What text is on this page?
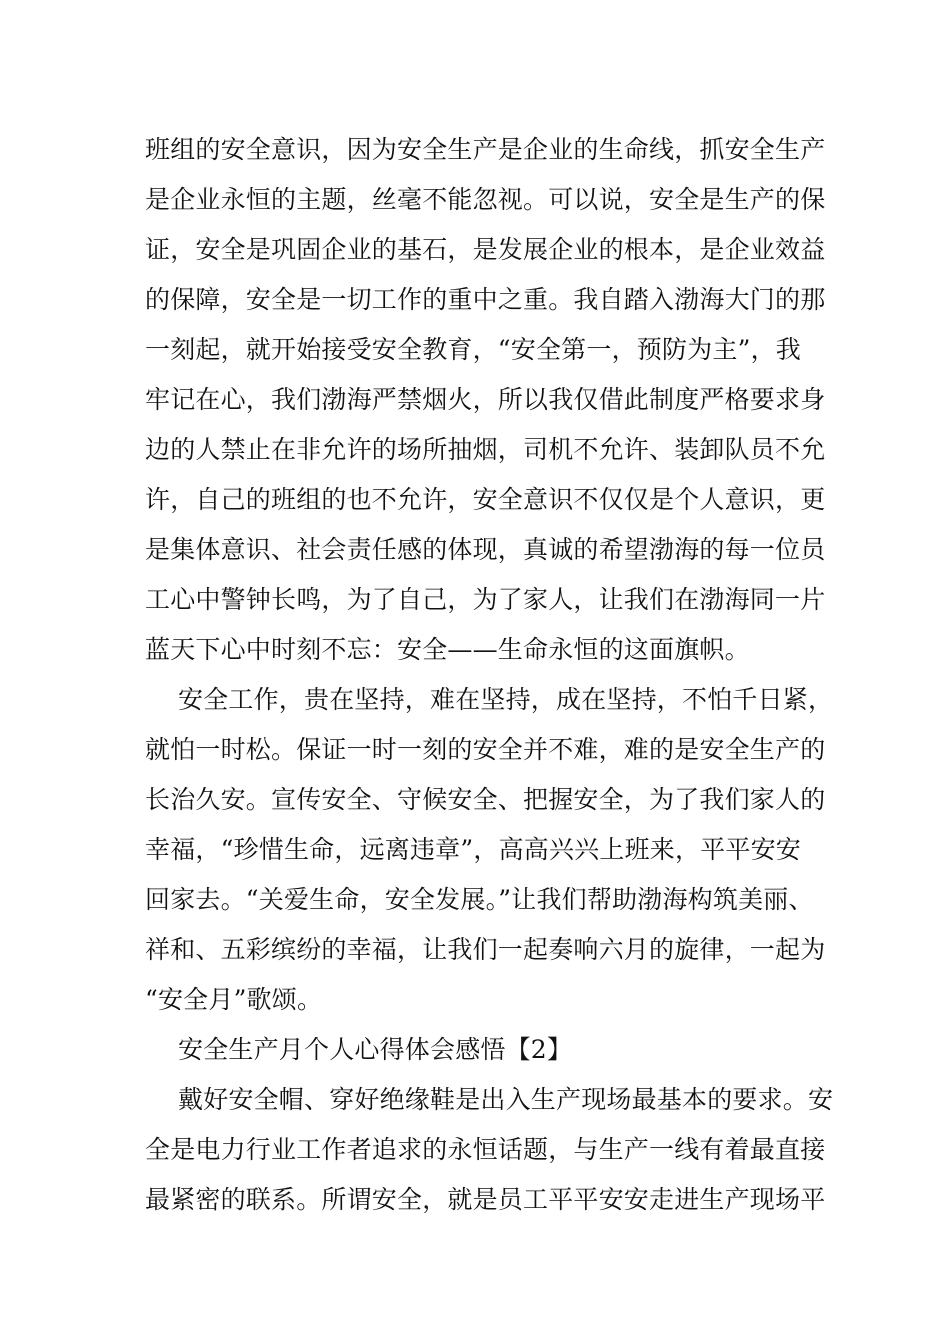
班组的安全意识，因为安全生产是企业的生命线，抓安全生产
是企业永恒的主题，丝毫不能忽视。可以说，安全是生产的保
证，安全是巩固企业的基石，是发展企业的根本，是企业效益
的保障，安全是一切工作的重中之重。我自踏入渤海大门的那
一刻起，就开始接受安全教育，“安全第一，预防为主”，我
牢记在心，我们渤海严禁烟火，所以我仅借此制度严格要求身
边的人禁止在非允许的场所抽烟，司机不允许、装卸队员不允
许，自己的班组的也不允许，安全意识不仅仅是个人意识，更
是集体意识、社会责任感的体现，真诚的希望渤海的每一位员
工心中警钟长鸣，为了自己，为了家人，让我们在渤海同一片
蓝天下心中时刻不忘：安全——生命永恒的这面旗帜。
安全工作，贵在坚持，难在坚持，成在坚持，不怕千日紧，
就怕一时松。保证一时一刻的安全并不难，难的是安全生产的
长治久安。宣传安全、守候安全、把握安全，为了我们家人的
幸福，“珍惜生命，远离违章”，高高兴兴上班来，平平安安
回家去。“关爱生命，安全发展。”让我们帮助渤海构筑美丽、
祥和、五彩缤纷的幸福，让我们一起奏响六月的旋律，一起为
“安全月”歌颂。
安全生产月个人心得体会感悟【2】
戴好安全帽、穿好绝缘鞋是出入生产现场最基本的要求。安
全是电力行业工作者追求的永恒话题，与生产一线有着最直接
最紧密的联系。所谓安全，就是员工平平安安走进生产现场平
